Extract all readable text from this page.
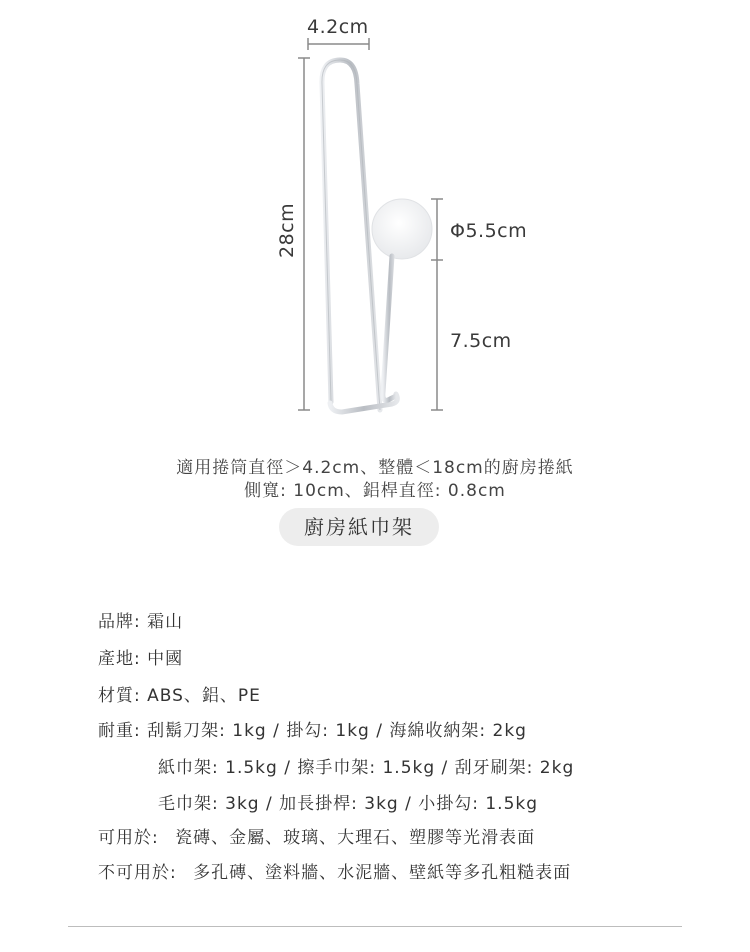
4.2cm
28cm	Φ5.5cm
7.5cm
適用捲筒直徑＞4.2cm、整體＜18cm的廚房捲紙
側寬: 10cm、鋁桿直徑: 0.8cm
廚房紙巾架
品牌: 霜山
產地: 中國
材質: ABS、鋁、PE
耐重: 刮鬍刀架: 1kg / 掛勾: 1kg / 海綿收納架: 2kg
紙巾架: 1.5kg / 擦手巾架: 1.5kg / 刮牙刷架: 2kg
毛巾架: 3kg / 加長掛桿: 3kg / 小掛勾: 1.5kg
可用於: 瓷磚、金屬、玻璃、大理石、塑膠等光滑表面
不可用於: 多孔磚、塗料牆、水泥牆、壁紙等多孔粗糙表面
